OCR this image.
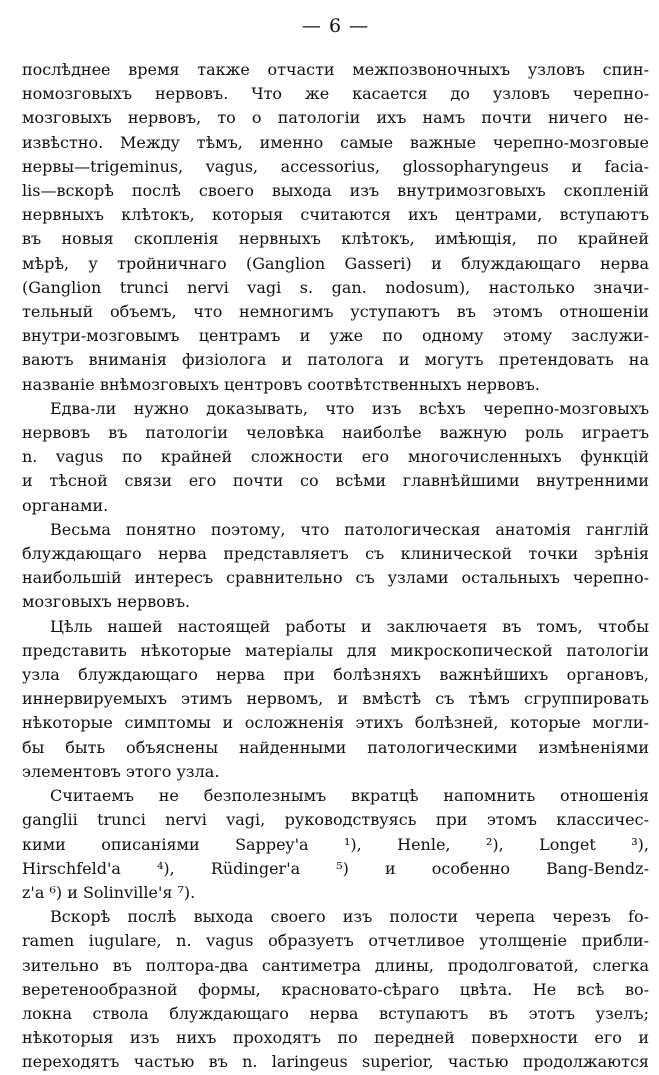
— 6 —
послѣднее время также отчасти межпозвоночныхъ узловъ спин-
номозговыхъ нервовъ. Что же касается до узловъ черепно-
мозговыхъ нервовъ, то о патологіи ихъ намъ почти ничего не-
извѣстно. Между тѣмъ, именно самые важные черепно-мозговые
нервы—trigeminus, vagus, accessorius, glossopharyngeus и facia-
lis—вскорѣ послѣ своего выхода изъ внутримозговыхъ скопленій
нервныхъ клѣтокъ, которыя считаются ихъ центрами, вступаютъ
въ новыя скопленія нервныхъ клѣтокъ, имѣющія, по крайней
мѣрѣ, у тройничнаго (Ganglion Gasseri) и блуждающаго нерва
(Ganglion trunci nervi vagi s. gan. nodosum), настолько значи-
тельный объемъ, что немногимъ уступаютъ въ этомъ отношеніи
внутри-мозговымъ центрамъ и уже по одному этому заслужи-
ваютъ вниманія физіолога и патолога и могутъ претендовать на
названіе внѣмозговыхъ центровъ соотвѣтственныхъ нервовъ.
Едва-ли нужно доказывать, что изъ всѣхъ черепно-мозговыхъ
нервовъ въ патологіи человѣка наиболѣе важную роль играетъ
n. vagus по крайней сложности его многочисленныхъ функцій
и тѣсной связи его почти со всѣми главнѣйшими внутренними
органами.
Весьма понятно поэтому, что патологическая анатомія ганглій
блуждающаго нерва представляетъ съ клинической точки зрѣнія
наибольшій интересъ сравнительно съ узлами остальныхъ черепно-
мозговыхъ нервовъ.
Цѣль нашей настоящей работы и заключаетя въ томъ, чтобы
представить нѣкоторые матеріалы для микроскопической патологіи
узла блуждающаго нерва при болѣзняхъ важнѣйшихъ органовъ,
иннервируемыхъ этимъ нервомъ, и вмѣстѣ съ тѣмъ сгруппировать
нѣкоторые симптомы и осложненія этихъ болѣзней, которые могли-
бы быть объяснены найденными патологическими измѣненіями
элементовъ этого узла.
Считаемъ не безполезнымъ вкратцѣ напомнить отношенія
ganglii trunci nervi vagi, руководствуясь при этомъ классичес-
кими описаніями Sappey'a ¹), Henle, ²), Longet ³),
Hirschfeld'a ⁴), Rüdinger'a ⁵) и особенно Bang-Bendz-
z'a ⁶) и Solinville'я ⁷).
Вскорѣ послѣ выхода своего изъ полости черепа черезъ fo-
ramen iugulare, n. vagus образуетъ отчетливое утолщеніе прибли-
зительно въ полтора-два сантиметра длины, продолговатой, слегка
веретенообразной формы, красновато-сѣраго цвѣта. Не всѣ во-
локна ствола блуждающаго нерва вступаютъ въ этотъ узелъ;
нѣкоторыя изъ нихъ проходятъ по передней поверхности его и
переходятъ частью въ n. laringeus superior, частью продолжаются
